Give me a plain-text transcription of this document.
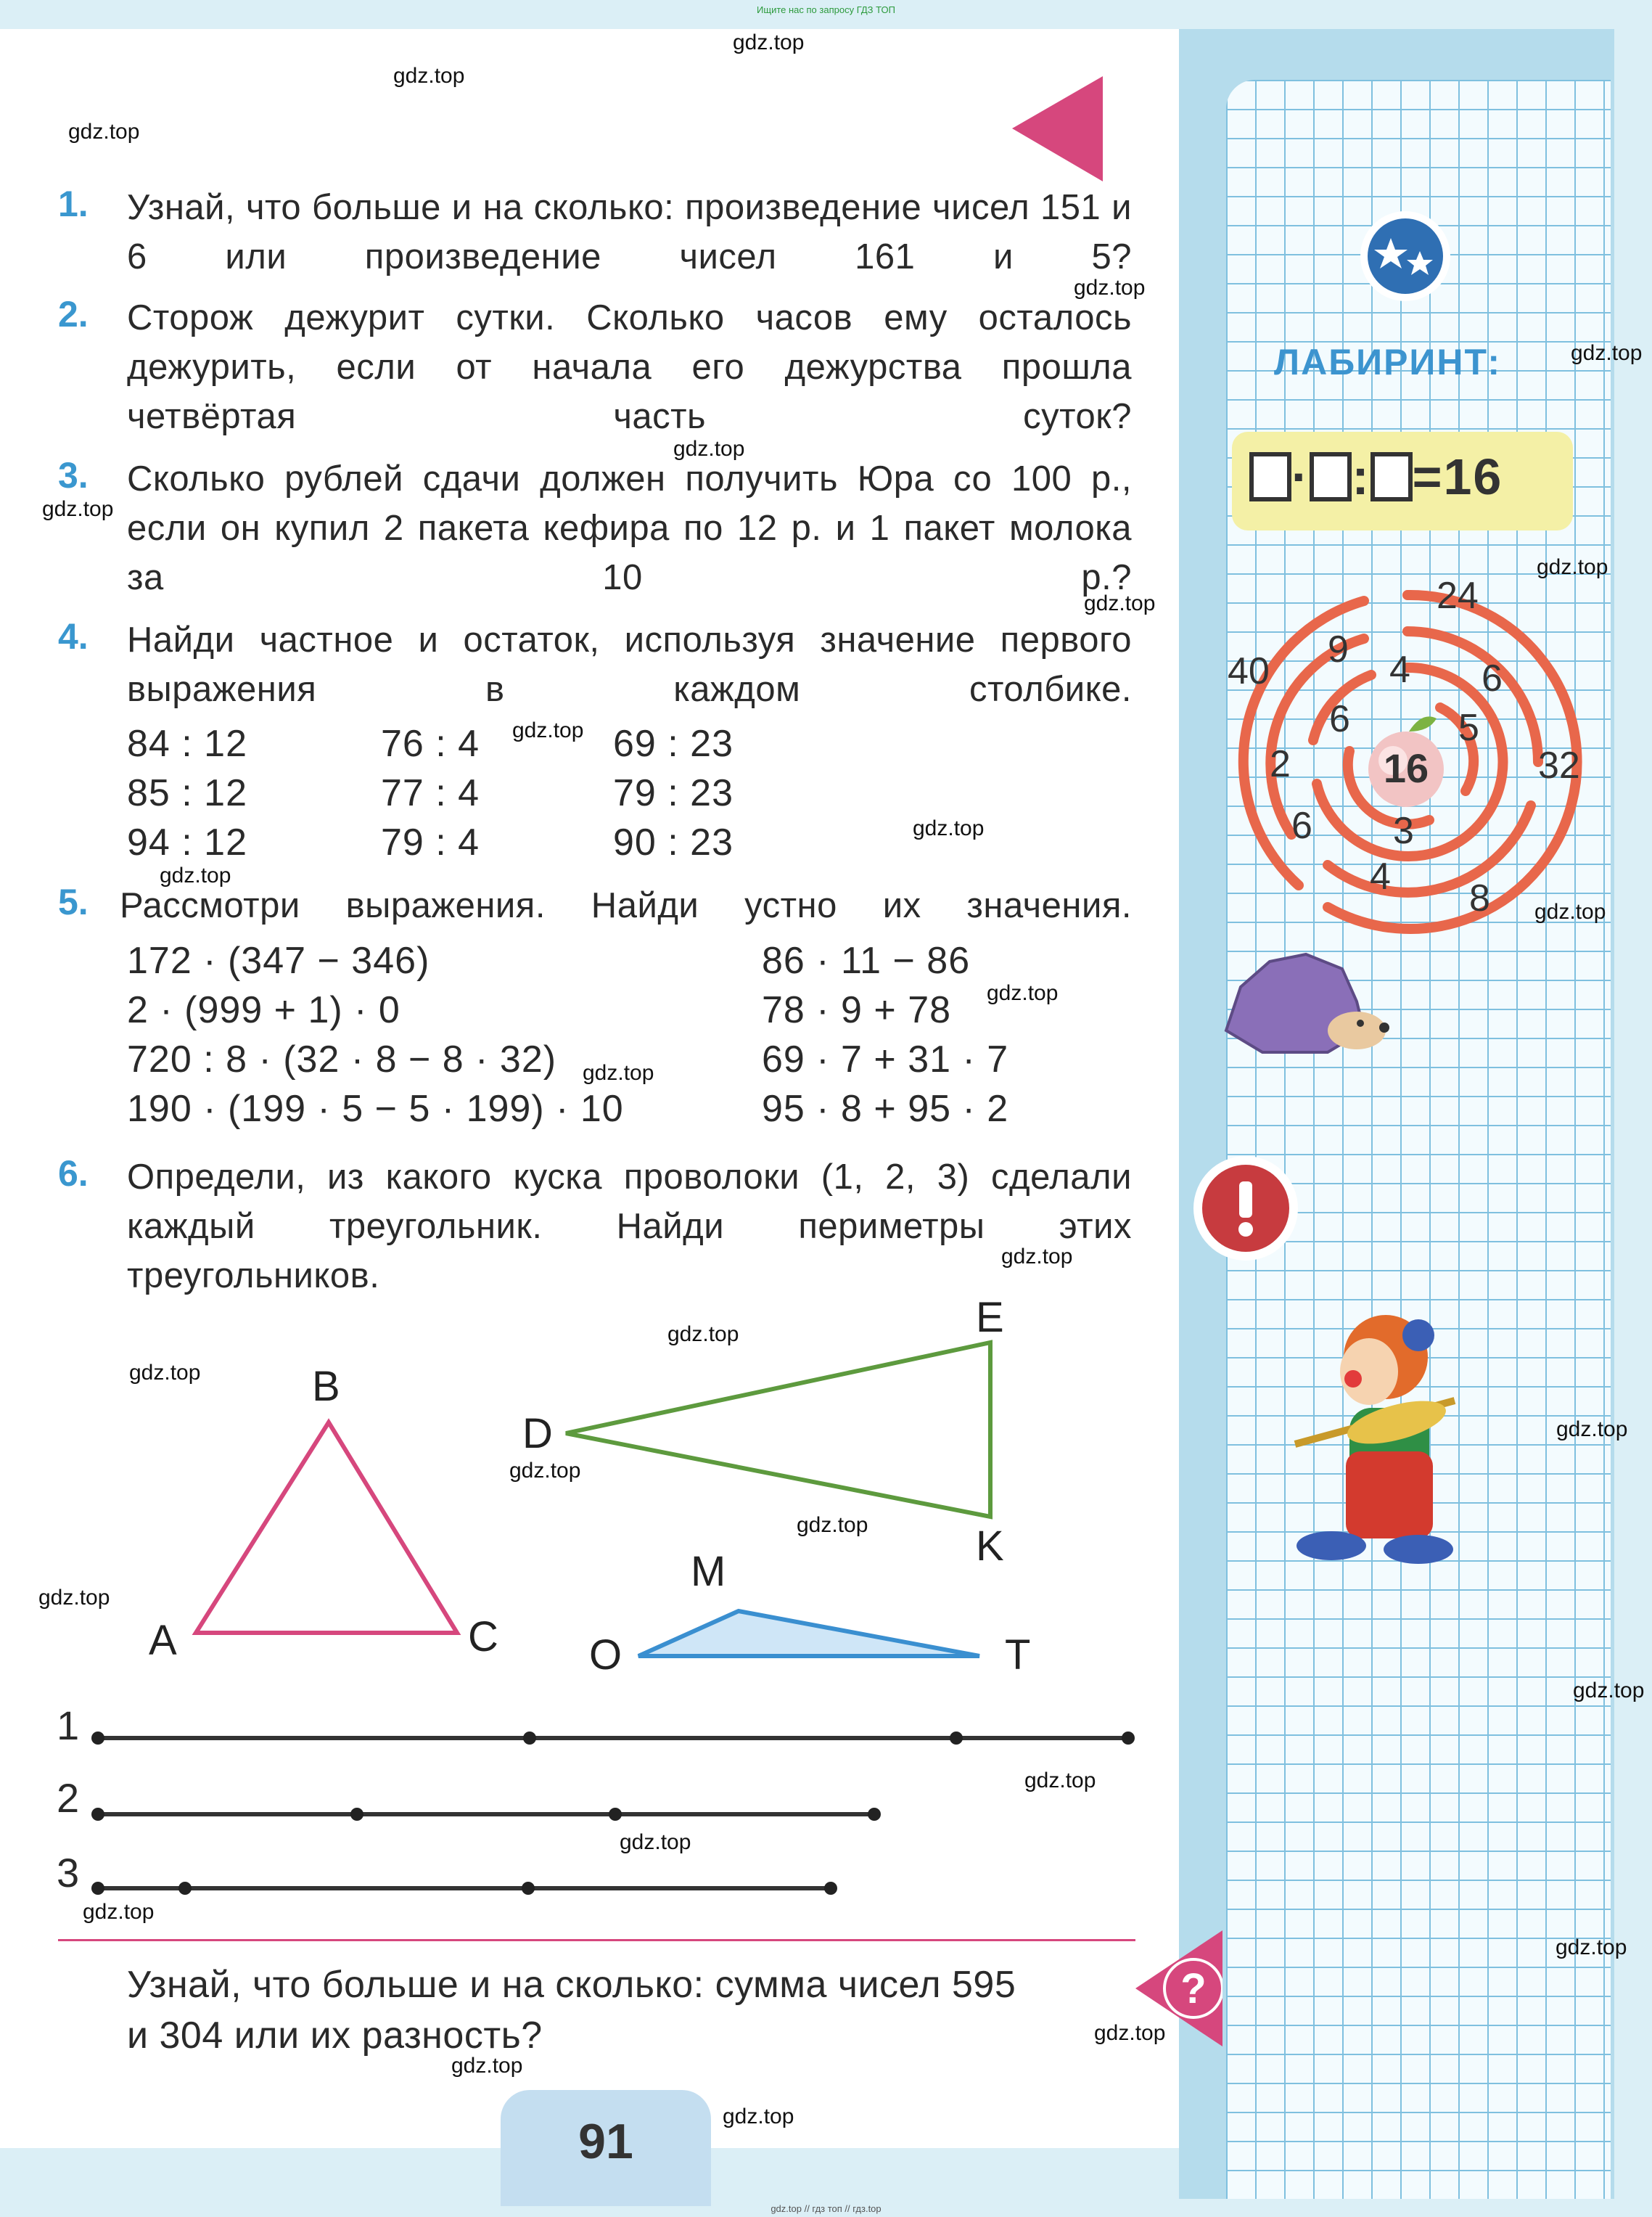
Ищите нас по запросу ГДЗ ТОП
gdz.top // гдз топ // гдз.top
1. Узнай, что больше и на сколько: произведение чисел 151 и 6 или произведение чисел 161 и 5?
2. Сторож дежурит сутки. Сколько часов ему осталось дежурить, если от начала его дежурства прошла четвёртая часть суток?
3. Сколько рублей сдачи должен получить Юра со 100 р., если он купил 2 пакета кефира по 12 р. и 1 пакет молока за 10 р.?
4. Найди частное и остаток, используя значение первого выражения в каждом столбике.
84 : 12
85 : 12
94 : 12
76 : 4
77 : 4
79 : 4
69 : 23
79 : 23
90 : 23
5. Рассмотри выражения. Найди устно их значения.
172 · (347 − 346)
2 · (999 + 1) · 0
720 : 8 · (32 · 8 − 8 · 32)
190 · (199 · 5 − 5 · 199) · 10
86 · 11 − 86
78 · 9 + 78
69 · 7 + 31 · 7
95 · 8 + 95 · 2
6. Определи, из какого куска проволоки (1, 2, 3) сделали каждый треугольник. Найди периметры этих треугольников.
A
B
C
D
E
K
O
M
T
1
2
3
Узнай, что больше и на сколько: сумма чисел 595 и 304 или их разность?
?
91
ЛАБИРИНТ:
· : =16
24
40
9 4 6
6	5
2 16	32
6 3
4
8
gdz.top
gdz.top
gdz.top
gdz.top
gdz.top
gdz.top
gdz.top
gdz.top
gdz.top
gdz.top
gdz.top
gdz.top
gdz.top
gdz.top
gdz.top
gdz.top
gdz.top
gdz.top
gdz.top
gdz.top
gdz.top
gdz.top
gdz.top
gdz.top
gdz.top
gdz.top
gdz.top
gdz.top
gdz.top
gdz.top
